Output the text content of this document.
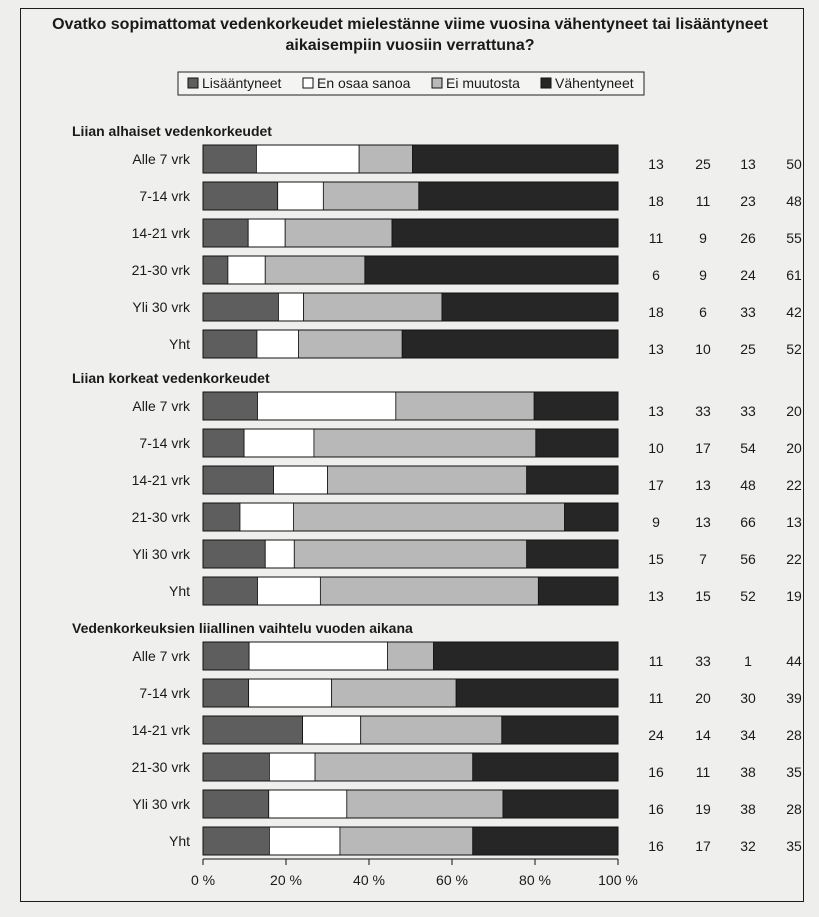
Ovatko sopimattomat vedenkorkeudet mielestänne viime vuosina vähentyneet tai lisääntyneet
aikaisempiin vuosiin verrattuna?
Lisääntyneet	En osaa sanoa	Ei muutosta	Vähentyneet
Liian alhaiset vedenkorkeudet
Alle 7 vrk	13 25 13 50
7-14 vrk	18 11 23 48
14-21 vrk	11	9 26 55
21-30 vrk	6	9 24 61
Yli 30 vrk	18	6 33 42
Yht	13 10 25 52
Liian korkeat vedenkorkeudet
Alle 7 vrk	13 33 33 20
7-14 vrk	10 17 54 20
14-21 vrk	17 13 48 22
21-30 vrk	9	13 66 13
Yli 30 vrk	15	7 56 22
Yht	13 15 52 19
Vedenkorkeuksien liiallinen vaihtelu vuoden aikana
Alle 7 vrk	11 33 1 44
7-14 vrk	11 20 30 39
14-21 vrk	24 14 34 28
21-30 vrk	16 11 38 35
Yli 30 vrk	16 19 38 28
Yht	16 17 32 35
0 %	20 %	40 %	60 %	80 %	100 %
